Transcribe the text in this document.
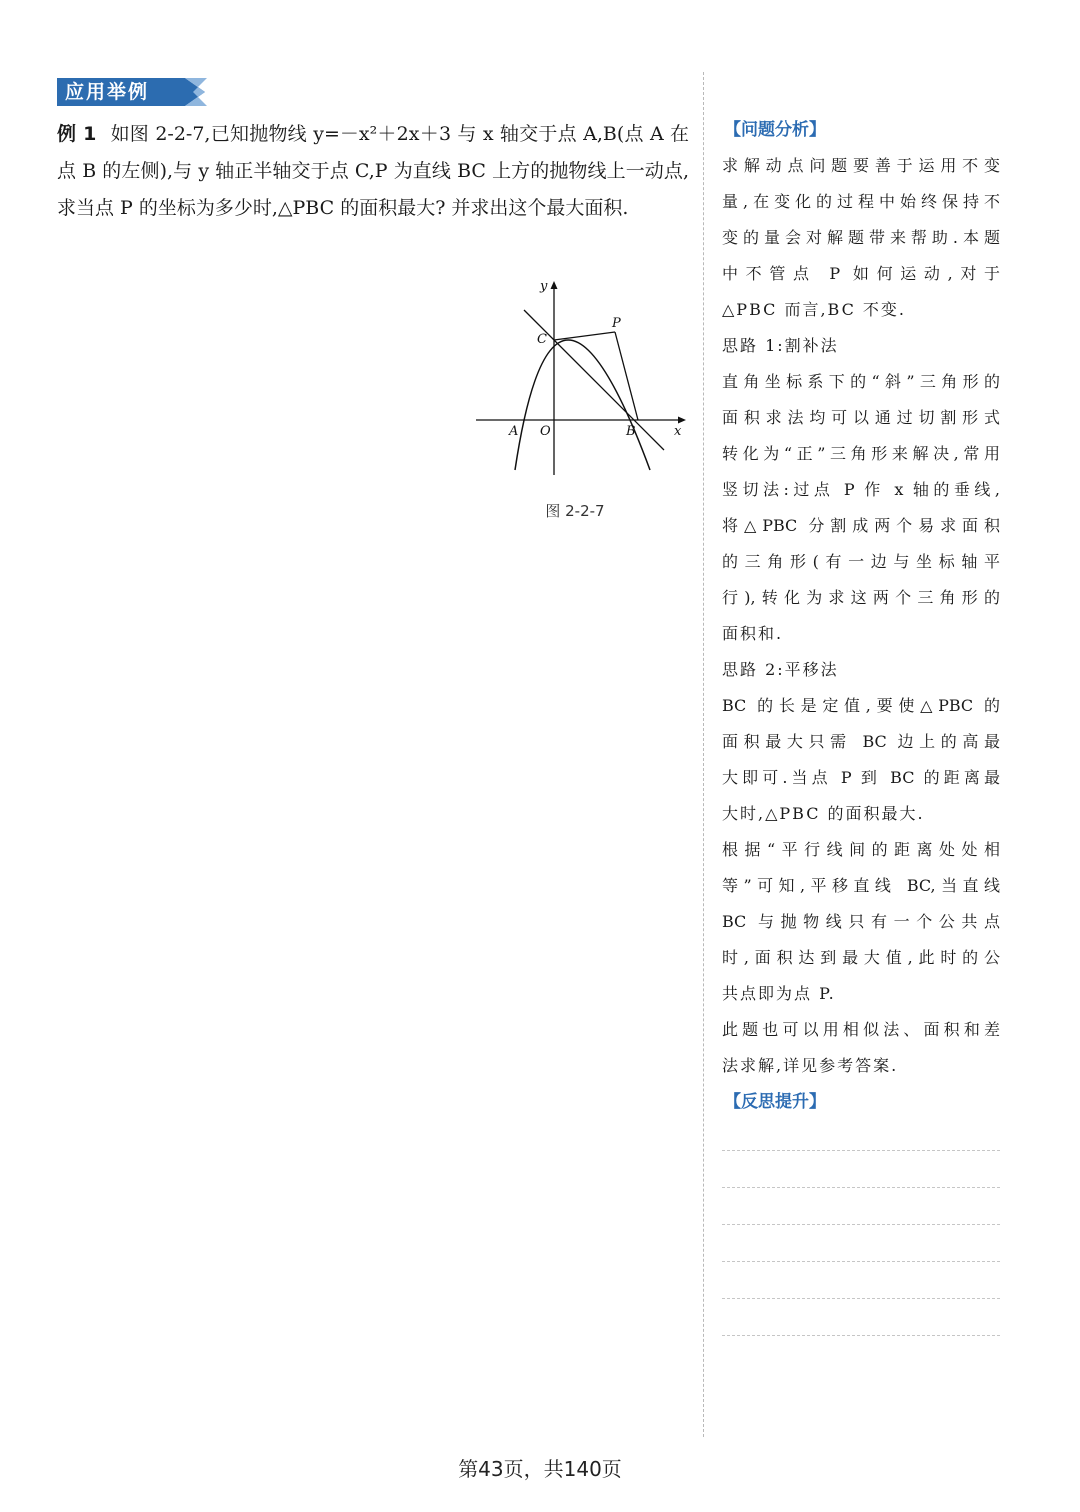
应用举例
例 1 如图 2-2-7,已知抛物线 y=－x²＋2x＋3 与 x 轴交于点 A,B(点 A 在点 B 的左侧),与 y 轴正半轴交于点 C,P 为直线 BC 上方的抛物线上一动点,求当点 P 的坐标为多少时,△PBC 的面积最大? 并求出这个最大面积.
y
x
A O	B
C
P
图 2-2-7
【问题分析】
求解动点问题要善于运用不变
量,在变化的过程中始终保持不
变的量会对解题带来帮助.本题
中不管点 P 如何运动,对于
△PBC 而言,BC 不变.
思路 1:割补法
直角坐标系下的“斜”三角形的
面积求法均可以通过切割形式
转化为“正”三角形来解决,常用
竖切法:过点 P 作 x 轴的垂线,
将△PBC 分割成两个易求面积
的三角形(有一边与坐标轴平
行),转化为求这两个三角形的
面积和.
思路 2:平移法
BC 的长是定值,要使△PBC 的
面积最大只需 BC 边上的高最
大即可.当点 P 到 BC 的距离最
大时,△PBC 的面积最大.
根据“平行线间的距离处处相
等”可知,平移直线 BC,当直线
BC 与抛物线只有一个公共点
时,面积达到最大值,此时的公
共点即为点 P.
此题也可以用相似法、面积和差
法求解,详见参考答案.
【反思提升】
第43页，共140页
